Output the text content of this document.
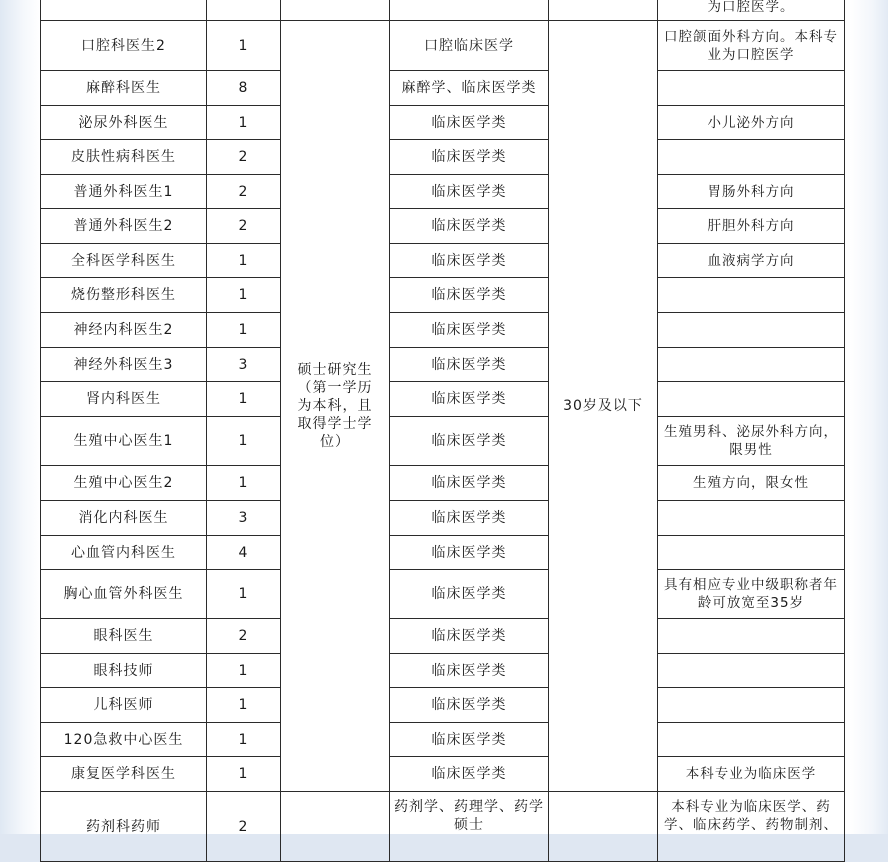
					为口腔医学。
口腔科医生2	1	硕士研究生（第一学历为本科，且取得学士学位）	口腔临床医学	30岁及以下	口腔颌面外科方向。本科专业为口腔医学
麻醉科医生	8		麻醉学、临床医学类		
泌尿外科医生	1		临床医学类		小儿泌外方向
皮肤性病科医生	2		临床医学类		
普通外科医生1	2		临床医学类		胃肠外科方向
普通外科医生2	2		临床医学类		肝胆外科方向
全科医学科医生	1		临床医学类		血液病学方向
烧伤整形科医生	1		临床医学类		
神经内科医生2	1		临床医学类		
神经外科医生3	3		临床医学类		
肾内科医生	1		临床医学类		
生殖中心医生1	1		临床医学类		生殖男科、泌尿外科方向，限男性
生殖中心医生2	1		临床医学类		生殖方向，限女性
消化内科医生	3		临床医学类		
心血管内科医生	4		临床医学类		
胸心血管外科医生	1		临床医学类		具有相应专业中级职称者年龄可放宽至35岁
眼科医生	2		临床医学类		
眼科技师	1		临床医学类		
儿科医师	1		临床医学类		
120急救中心医生	1		临床医学类		
康复医学科医生	1		临床医学类		本科专业为临床医学
药剂科药师	2		药剂学、药理学、药学硕士		本科专业为临床医学、药学、临床药学、药物制剂、
